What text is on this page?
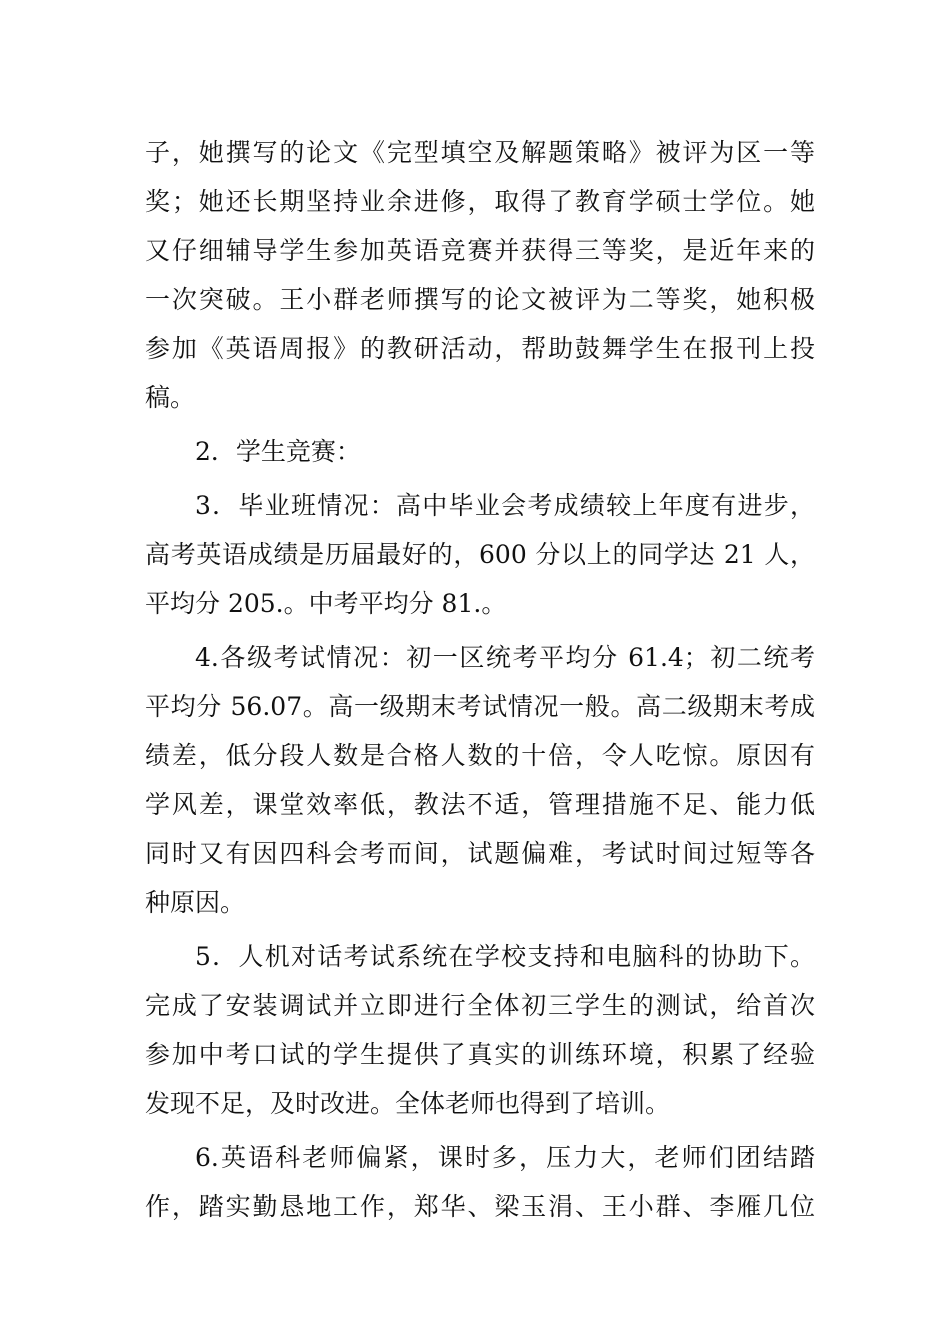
子，她撰写的论文《完型填空及解题策略》被评为区一等
奖；她还长期坚持业余进修，取得了教育学硕士学位。她
又仔细辅导学生参加英语竞赛并获得三等奖，是近年来的
一次突破。王小群老师撰写的论文被评为二等奖，她积极
参加《英语周报》的教研活动，帮助鼓舞学生在报刊上投
稿。
2．学生竞赛：
3．毕业班情况：高中毕业会考成绩较上年度有进步，
高考英语成绩是历届最好的，600 分以上的同学达 21 人，
平均分 205.。中考平均分 81.。
4.各级考试情况：初一区统考平均分 61.4；初二统考
平均分 56.07。高一级期末考试情况一般。高二级期末考成
绩差，低分段人数是合格人数的十倍，令人吃惊。原因有
学风差，课堂效率低，教法不适，管理措施不足、能力低
同时又有因四科会考而间，试题偏难，考试时间过短等各
种原因。
5．人机对话考试系统在学校支持和电脑科的协助下。
完成了安装调试并立即进行全体初三学生的测试，给首次
参加中考口试的学生提供了真实的训练环境，积累了经验
发现不足，及时改进。全体老师也得到了培训。
6.英语科老师偏紧，课时多，压力大，老师们团结踏
作，踏实勤恳地工作，郑华、梁玉涓、王小群、李雁几位
